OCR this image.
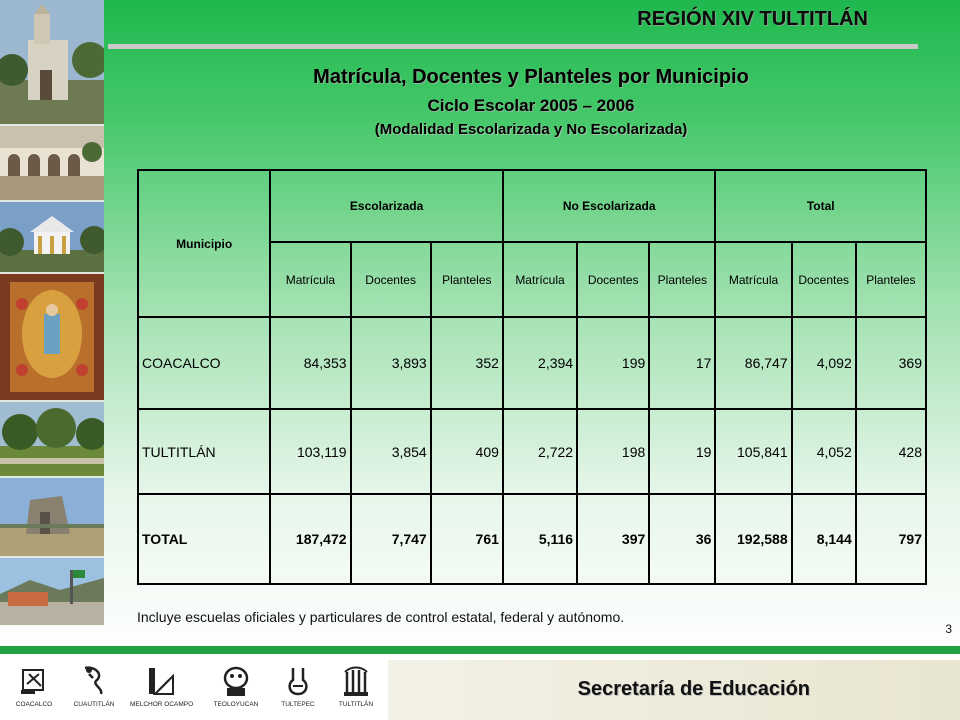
REGIÓN XIV TULTITLÁN
Matrícula, Docentes y Planteles por Municipio
Ciclo Escolar 2005 – 2006
(Modalidad Escolarizada y No Escolarizada)
Municipio	Escolarizada			No Escolarizada			Total		
	Matrícula	Docentes	Planteles	Matrícula	Docentes	Planteles	Matrícula	Docentes	Planteles
COACALCO	84,353	3,893	352	2,394	199	17	86,747	4,092	369
TULTITLÁN	103,119	3,854	409	2,722	198	19	105,841	4,052	428
TOTAL	187,472	7,747	761	5,116	397	36	192,588	8,144	797
Incluye escuelas oficiales y particulares de control estatal, federal y autónomo.
3
COACALCO	CUAUTITLÁN	MELCHOR OCAMPO	TEOLOYUCAN	TULTEPEC	TULTITLÁN
Secretaría de Educación
